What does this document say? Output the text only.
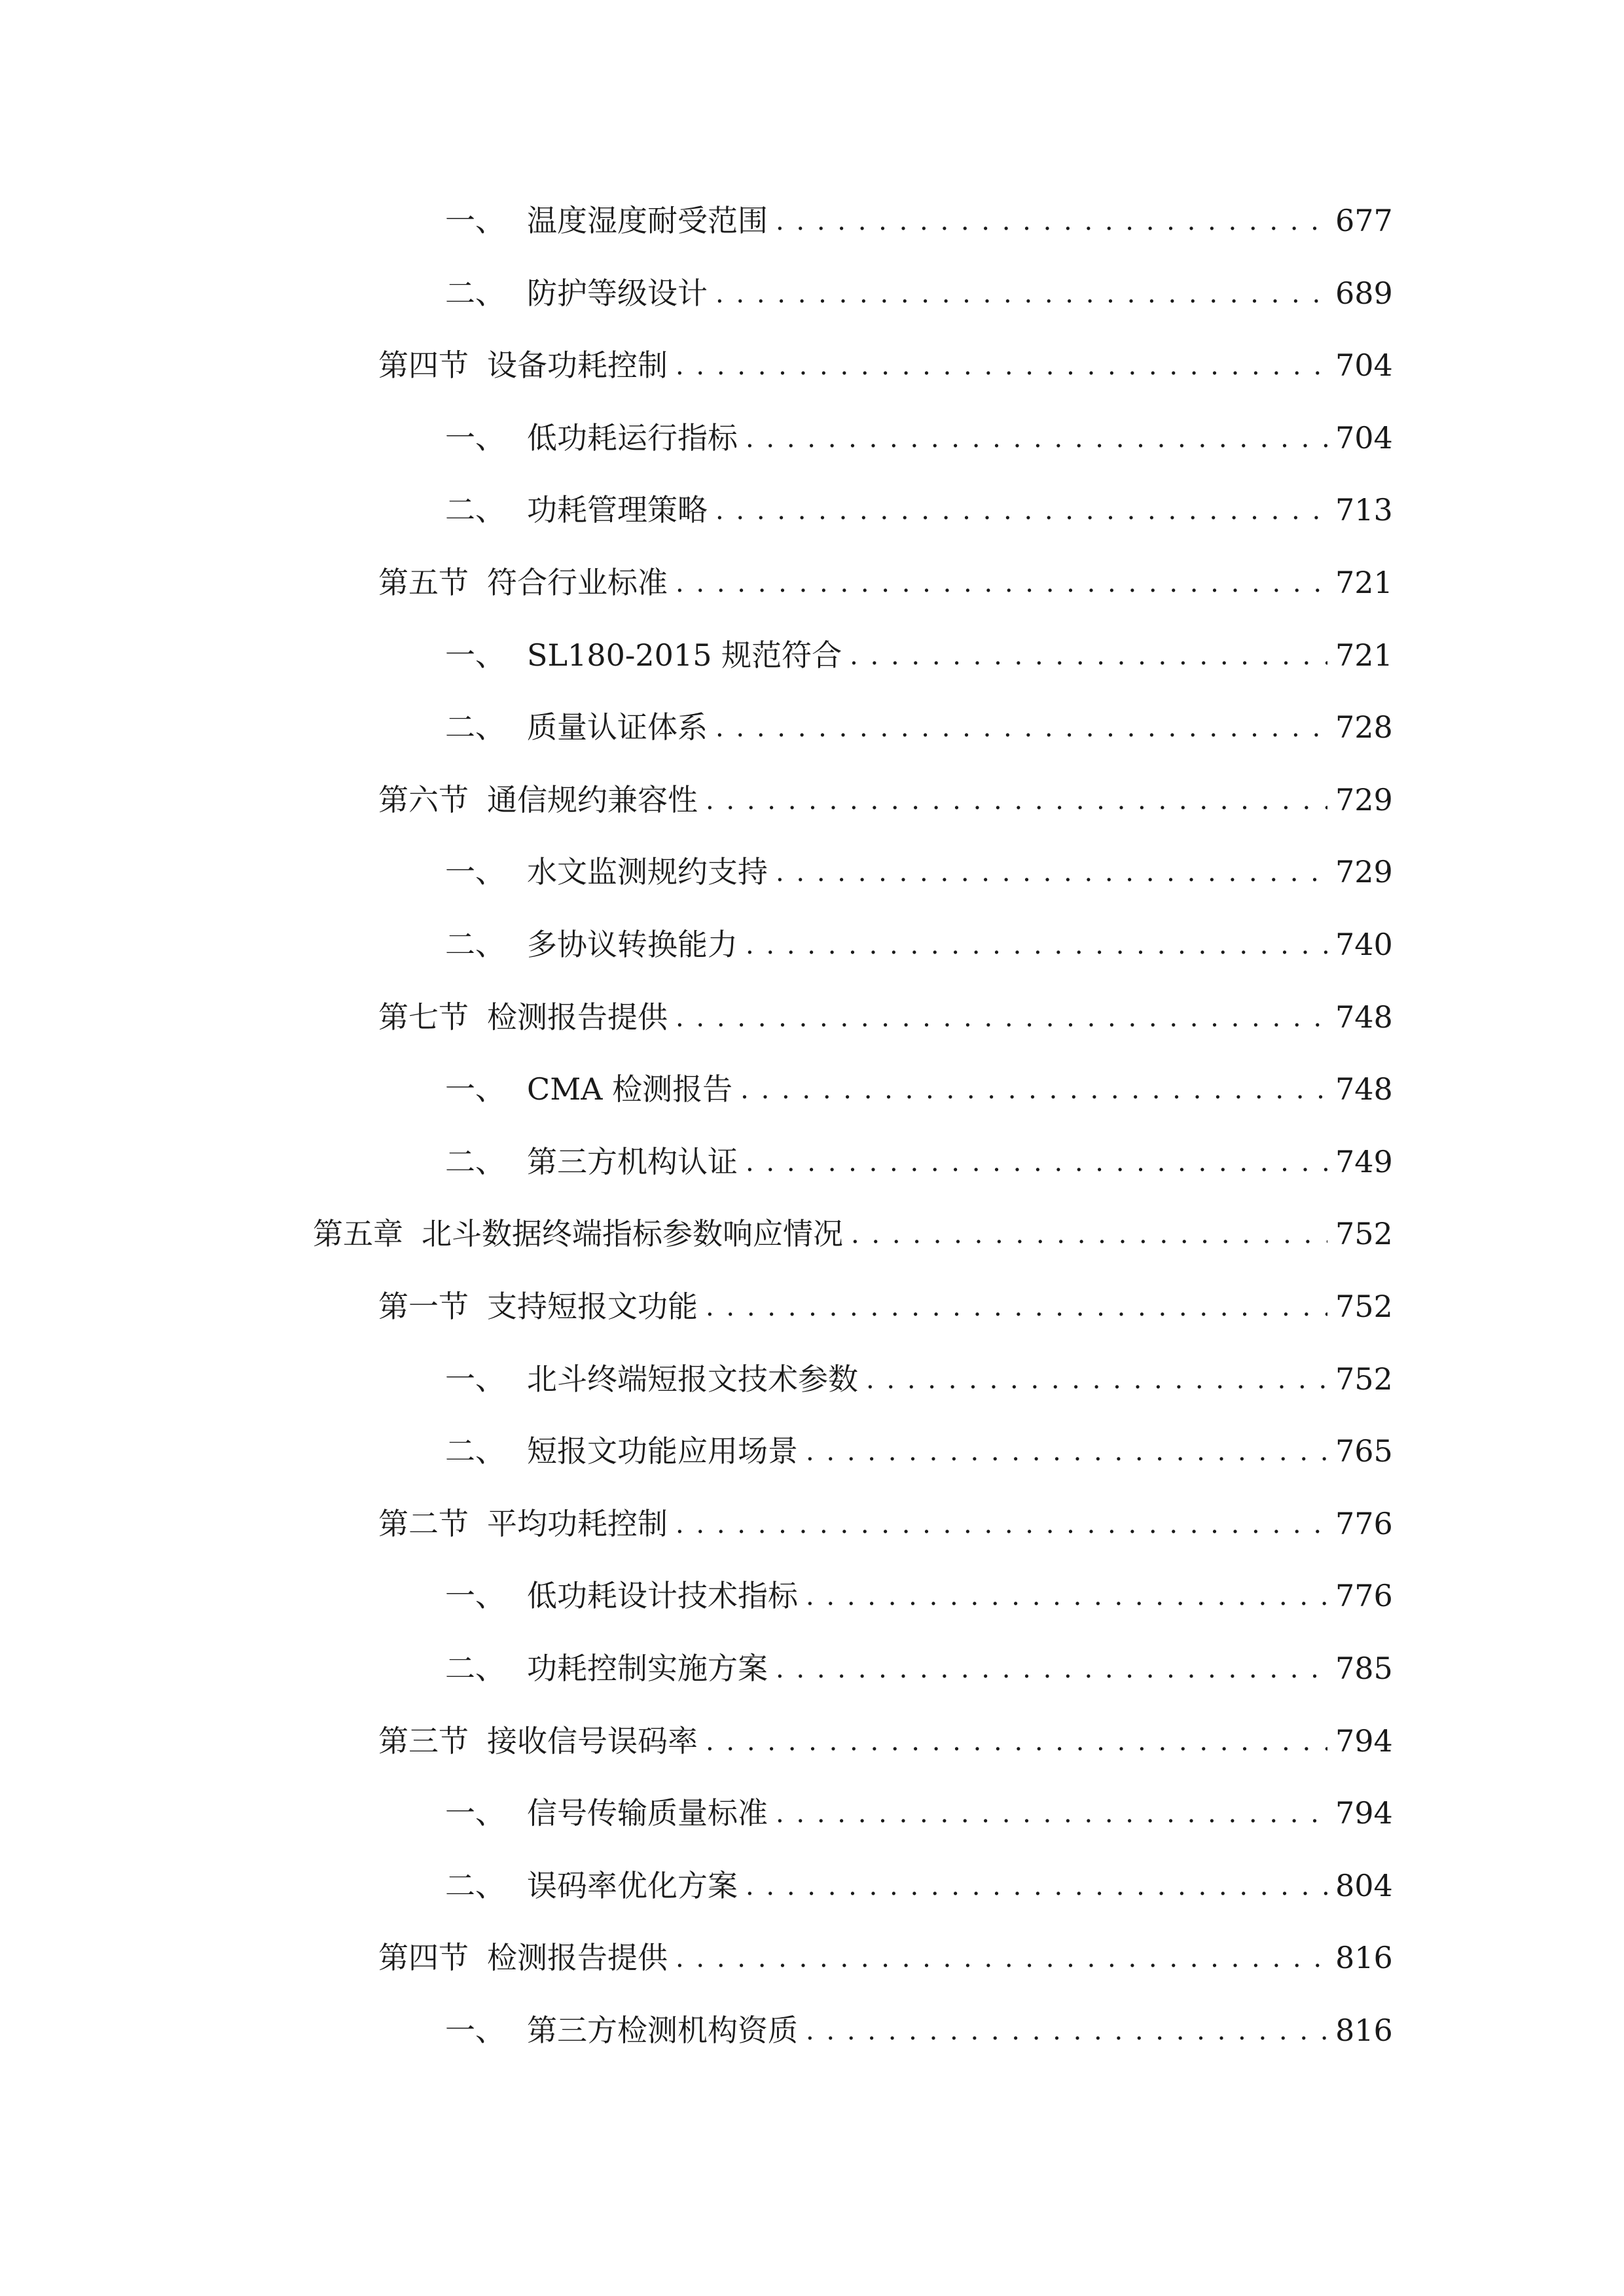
一、 温度湿度耐受范围 . . .	677
二、 防护等级设计 . . .	689
第四节 设备功耗控制 . . .	704
一、 低功耗运行指标 . . .	704
二、 功耗管理策略 . . .	713
第五节 符合行业标准 . . .	721
一、 SL180-2015 规范符合 . . .	721
二、 质量认证体系 . . .	728
第六节 通信规约兼容性 . . .	729
一、 水文监测规约支持 . . .	729
二、 多协议转换能力 . . .	740
第七节 检测报告提供 . . .	748
一、 CMA 检测报告 . . .	748
二、 第三方机构认证 . . .	749
第五章 北斗数据终端指标参数响应情况 . . .	752
第一节 支持短报文功能 . . .	752
一、 北斗终端短报文技术参数 . . .	752
二、 短报文功能应用场景 . . .	765
第二节 平均功耗控制 . . .	776
一、 低功耗设计技术指标 . . .	776
二、 功耗控制实施方案 . . .	785
第三节 接收信号误码率 . . .	794
一、 信号传输质量标准 . . .	794
二、 误码率优化方案 . . .	804
第四节 检测报告提供 . . .	816
一、 第三方检测机构资质 . . .	816
